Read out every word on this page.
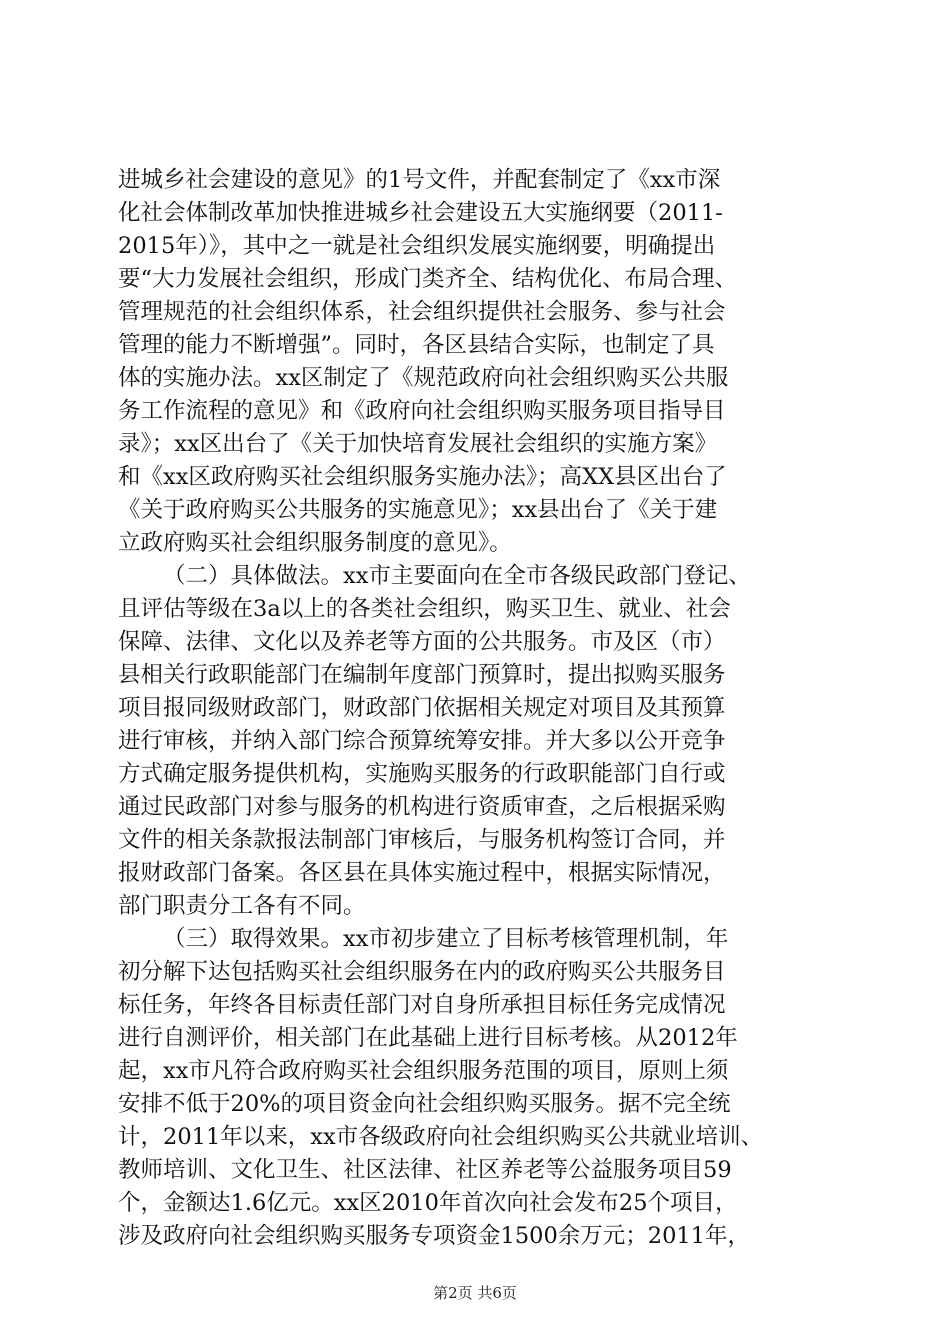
进城乡社会建设的意见》的1号文件，并配套制定了《xx市深
化社会体制改革加快推进城乡社会建设五大实施纲要（2011-
2015年）》，其中之一就是社会组织发展实施纲要，明确提出
要“大力发展社会组织，形成门类齐全、结构优化、布局合理、
管理规范的社会组织体系，社会组织提供社会服务、参与社会
管理的能力不断增强”。同时，各区县结合实际，也制定了具
体的实施办法。xx区制定了《规范政府向社会组织购买公共服
务工作流程的意见》和《政府向社会组织购买服务项目指导目
录》；xx区出台了《关于加快培育发展社会组织的实施方案》
和《xx区政府购买社会组织服务实施办法》；高XX县区出台了
《关于政府购买公共服务的实施意见》；xx县出台了《关于建
立政府购买社会组织服务制度的意见》。
（二）具体做法。xx市主要面向在全市各级民政部门登记、
且评估等级在3a以上的各类社会组织，购买卫生、就业、社会
保障、法律、文化以及养老等方面的公共服务。市及区（市）
县相关行政职能部门在编制年度部门预算时，提出拟购买服务
项目报同级财政部门，财政部门依据相关规定对项目及其预算
进行审核，并纳入部门综合预算统筹安排。并大多以公开竞争
方式确定服务提供机构，实施购买服务的行政职能部门自行或
通过民政部门对参与服务的机构进行资质审查，之后根据采购
文件的相关条款报法制部门审核后，与服务机构签订合同，并
报财政部门备案。各区县在具体实施过程中，根据实际情况，
部门职责分工各有不同。
（三）取得效果。xx市初步建立了目标考核管理机制，年
初分解下达包括购买社会组织服务在内的政府购买公共服务目
标任务，年终各目标责任部门对自身所承担目标任务完成情况
进行自测评价，相关部门在此基础上进行目标考核。从2012年
起，xx市凡符合政府购买社会组织服务范围的项目，原则上须
安排不低于20%的项目资金向社会组织购买服务。据不完全统
计，2011年以来，xx市各级政府向社会组织购买公共就业培训、
教师培训、文化卫生、社区法律、社区养老等公益服务项目59
个，金额达1.6亿元。xx区2010年首次向社会发布25个项目，
涉及政府向社会组织购买服务专项资金1500余万元；2011年，
第2页 共6页
